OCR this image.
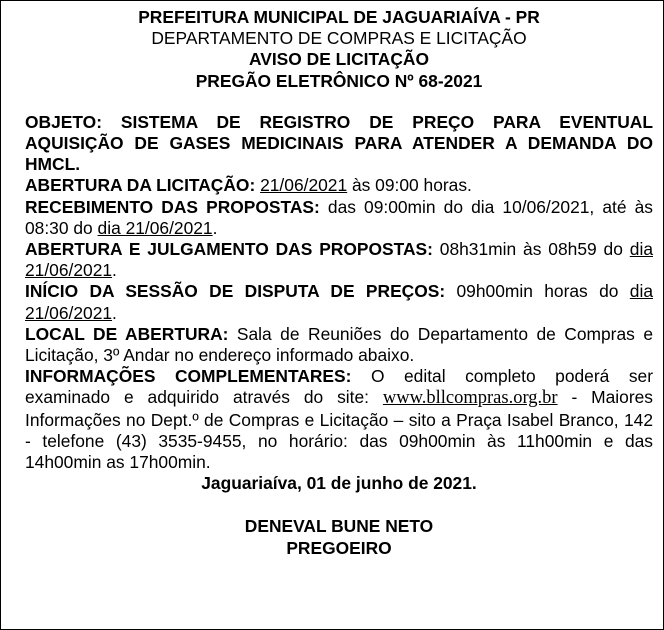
PREFEITURA MUNICIPAL DE JAGUARIAÍVA - PR
DEPARTAMENTO DE COMPRAS E LICITAÇÃO
AVISO DE LICITAÇÃO
PREGÃO ELETRÔNICO Nº 68-2021

OBJETO: SISTEMA DE REGISTRO DE PREÇO PARA EVENTUAL AQUISIÇÃO DE GASES MEDICINAIS PARA ATENDER A DEMANDA DO HMCL.

ABERTURA DA LICITAÇÃO: 21/06/2021 às 09:00 horas.

RECEBIMENTO DAS PROPOSTAS: das 09:00min do dia 10/06/2021, até às 08:30 do dia 21/06/2021.

ABERTURA E JULGAMENTO DAS PROPOSTAS: 08h31min às 08h59 do dia 21/06/2021.

INÍCIO DA SESSÃO DE DISPUTA DE PREÇOS: 09h00min horas do dia 21/06/2021.

LOCAL DE ABERTURA: Sala de Reuniões do Departamento de Compras e Licitação, 3º Andar no endereço informado abaixo.

INFORMAÇÕES COMPLEMENTARES: O edital completo poderá ser examinado e adquirido através do site: www.bllcompras.org.br - Maiores Informações no Dept.º de Compras e Licitação – sito a Praça Isabel Branco, 142 - telefone (43) 3535-9455, no horário: das 09h00min às 11h00min e das 14h00min as 17h00min.

Jaguariaíva, 01 de junho de 2021.
DENEVAL BUNE NETO
PREGOEIRO
